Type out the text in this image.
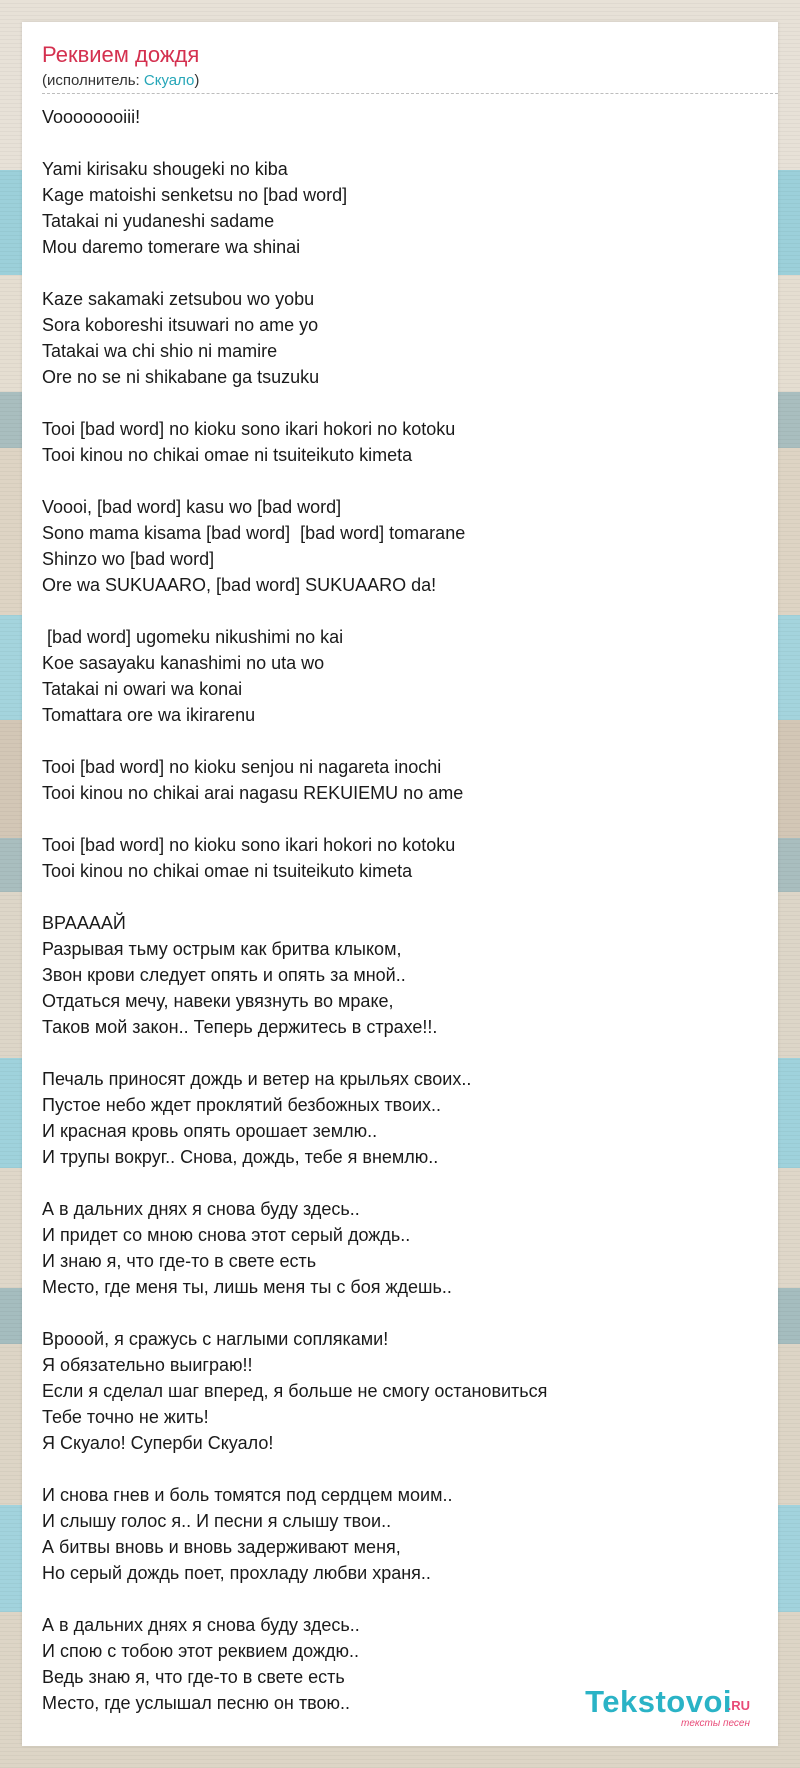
Реквием дождя
(исполнитель: Скуало)
Voooooooiii!
Yami kirisaku shougeki no kiba
Kage matoishi senketsu no [bad word]
Tatakai ni yudaneshi sadame
Mou daremo tomerare wa shinai
Kaze sakamaki zetsubou wo yobu
Sora koboreshi itsuwari no ame yo
Tatakai wa chi shio ni mamire
Ore no se ni shikabane ga tsuzuku
Tooi [bad word] no kioku sono ikari hokori no kotoku
Tooi kinou no chikai omae ni tsuiteikuto kimeta
Voooi, [bad word] kasu wo [bad word]
Sono mama kisama [bad word]  [bad word] tomarane
Shinzo wo [bad word]
Ore wa SUKUAARO, [bad word] SUKUAARO da!
[bad word] ugomeku nikushimi no kai
Koe sasayaku kanashimi no uta wo
Tatakai ni owari wa konai
Tomattara ore wa ikirarenu
Tooi [bad word] no kioku senjou ni nagareta inochi
Tooi kinou no chikai arai nagasu REKUIEMU no ame
Tooi [bad word] no kioku sono ikari hokori no kotoku
Tooi kinou no chikai omae ni tsuiteikuto kimeta
ВРААААЙ
Разрывая тьму острым как бритва клыком,
Звон крови следует опять и опять за мной..
Отдаться мечу, навеки увязнуть во мраке,
Таков мой закон.. Теперь держитесь в страхе!!.
Печаль приносят дождь и ветер на крыльях своих..
Пустое небо ждет проклятий безбожных твоих..
И красная кровь опять орошает землю..
И трупы вокруг.. Снова, дождь, тебе я внемлю..
А в дальних днях я снова буду здесь..
И придет со мною снова этот серый дождь..
И знаю я, что где-то в свете есть
Место, где меня ты, лишь меня ты с боя ждешь..
Врооой, я сражусь с наглыми сопляками!
Я обязательно выиграю!!
Если я сделал шаг вперед, я больше не смогу остановиться
Тебе точно не жить!
Я Скуало! Суперби Скуало!
И снова гнев и боль томятся под сердцем моим..
И слышу голос я.. И песни я слышу твои..
А битвы вновь и вновь задерживают меня,
Но серый дождь поет, прохладу любви храня..
А в дальних днях я снова буду здесь..
И спою с тобою этот реквием дождю..
Ведь знаю я, что где-то в свете есть
Место, где услышал песню он твою..	Tekstovoi
.RU
тексты песен
